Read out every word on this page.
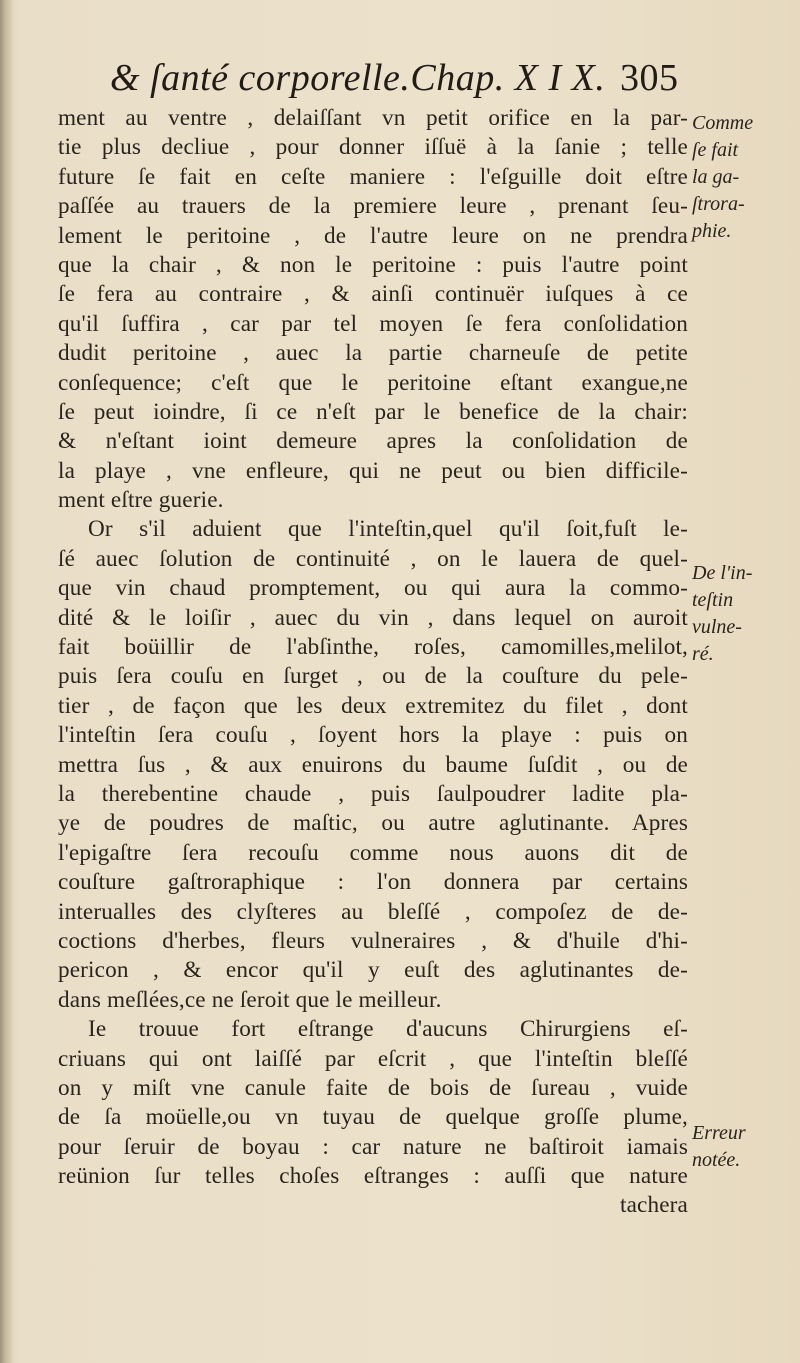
& ſanté corporelle.Chap. X I X. 305
ment au ventre , delaiſſant vn petit orifice en la par-
tie plus decliue , pour donner iſſuë à la ſanie ; telle
future ſe fait en ceſte maniere : l'eſguille doit eſtre
paſſée au trauers de la premiere leure , prenant ſeu-
lement le peritoine , de l'autre leure on ne prendra
que la chair , & non le peritoine : puis l'autre point
ſe fera au contraire , & ainſi continuër iuſques à ce
qu'il ſuffira , car par tel moyen ſe fera conſolidation
dudit peritoine , auec la partie charneuſe de petite
conſequence; c'eſt que le peritoine eſtant exangue,ne
ſe peut ioindre, ſi ce n'eſt par le benefice de la chair:
& n'eſtant ioint demeure apres la conſolidation de
la playe , vne enfleure, qui ne peut ou bien difficile-
ment eſtre guerie.
Or s'il aduient que l'inteſtin,quel qu'il ſoit,fuſt le-
ſé auec ſolution de continuité , on le lauera de quel-
que vin chaud promptement, ou qui aura la commo-
dité & le loiſir , auec du vin , dans lequel on auroit
fait boüillir de l'abſinthe, roſes, camomilles,melilot,
puis ſera couſu en ſurget , ou de la couſture du pele-
tier , de façon que les deux extremitez du filet , dont
l'inteſtin ſera couſu , ſoyent hors la playe : puis on
mettra ſus , & aux enuirons du baume ſuſdit , ou de
la therebentine chaude , puis ſaulpoudrer ladite pla-
ye de poudres de maſtic, ou autre aglutinante. Apres
l'epigaſtre ſera recouſu comme nous auons dit de
couſture gaſtroraphique : l'on donnera par certains
interualles des clyſteres au bleſſé , compoſez de de-
coctions d'herbes, fleurs vulneraires , & d'huile d'hi-
pericon , & encor qu'il y euſt des aglutinantes de-
dans meſlées,ce ne ſeroit que le meilleur.
Ie trouue fort eſtrange d'aucuns Chirurgiens eſ-
criuans qui ont laiſſé par eſcrit , que l'inteſtin bleſſé
on y miſt vne canule faite de bois de ſureau , vuide
de ſa moüelle,ou vn tuyau de quelque groſſe plume,
pour ſeruir de boyau : car nature ne baſtiroit iamais
reünion ſur telles choſes eſtranges : auſſi que nature
tachera
Comme
ſe fait
la ga-
ſtrora-
phie.
De l'in-
teſtin
vulne-
ré.
Erreur
notée.
